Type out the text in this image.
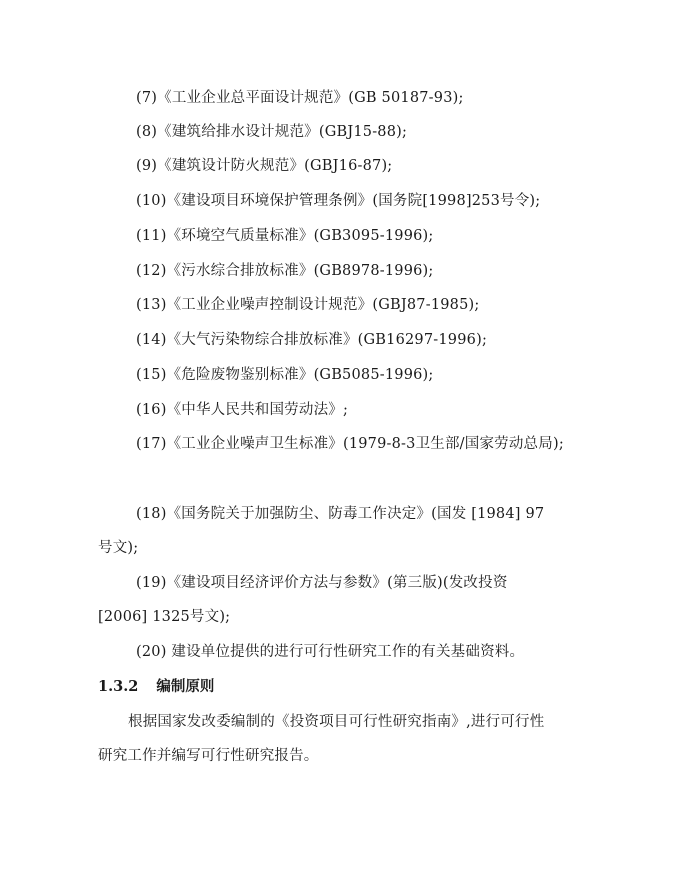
(7)《工业企业总平面设计规范》(GB 50187-93);
(8)《建筑给排水设计规范》(GBJ15-88);
(9)《建筑设计防火规范》(GBJ16-87);
(10)《建设项目环境保护管理条例》(国务院[1998]253号令);
(11)《环境空气质量标准》(GB3095-1996);
(12)《污水综合排放标准》(GB8978-1996);
(13)《工业企业噪声控制设计规范》(GBJ87-1985);
(14)《大气污染物综合排放标准》(GB16297-1996);
(15)《危险废物鉴别标准》(GB5085-1996);
(16)《中华人民共和国劳动法》;
(17)《工业企业噪声卫生标准》(1979-8-3卫生部/国家劳动总局);
(18)《国务院关于加强防尘、防毒工作决定》(国发 [1984] 97
号文);
(19)《建设项目经济评价方法与参数》(第三版)(发改投资
[2006] 1325号文);
(20) 建设单位提供的进行可行性研究工作的有关基础资料。
1.3.2 编制原则
根据国家发改委编制的《投资项目可行性研究指南》,进行可行性
研究工作并编写可行性研究报告。
